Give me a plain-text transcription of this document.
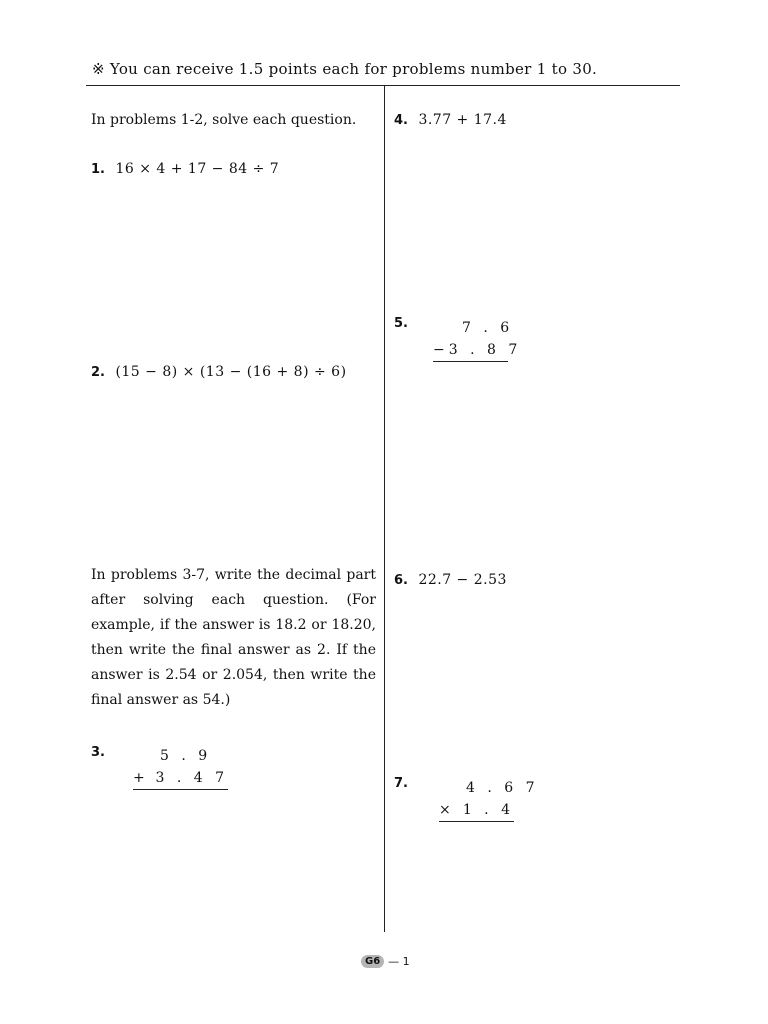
※ You can receive 1.5 points each for problems number 1 to 30.
In problems 1-2, solve each question.
1. 16 × 4 + 17 − 84 ÷ 7
2. (15 − 8) × (13 − (16 + 8) ÷ 6)
In problems 3-7, write the decimal part after solving each question. (For example, if the answer is 18.2 or 18.20, then write the final answer as 2. If the answer is 2.54 or 2.054, then write the final answer as 54.)
3.	5 . 9
+ 3 . 4 7
4. 3.77 + 17.4
5.	7 . 6
− 3 . 8 7
6. 22.7 − 2.53
7.	4 . 6 7
× 1 . 4
G6 — 1
